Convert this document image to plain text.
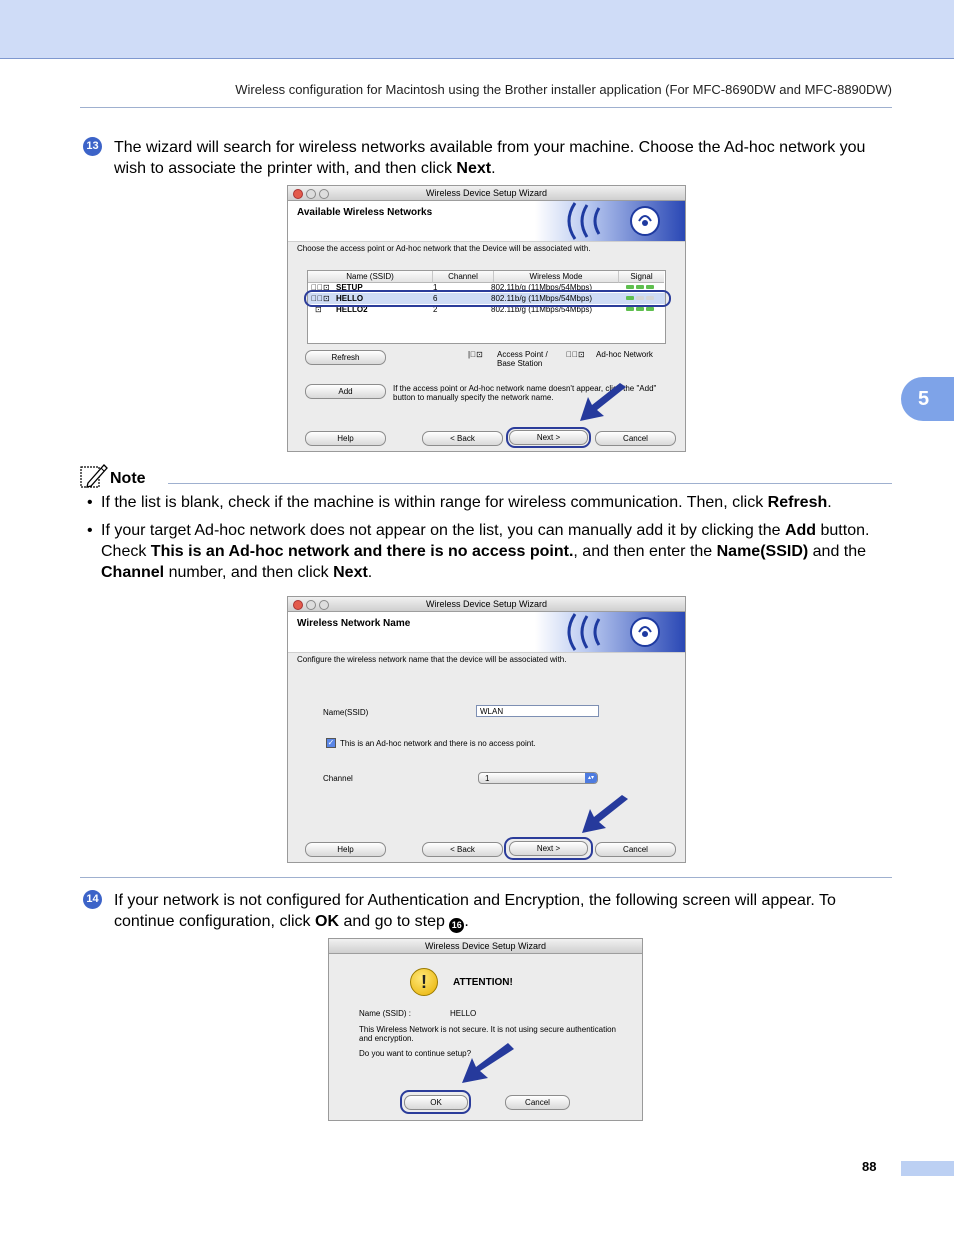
Wireless configuration for Macintosh using the Brother installer application (For MFC-8690DW and MFC-8890DW)
5
13 The wizard will search for wireless networks available from your machine. Choose the Ad-hoc network you wish to associate the printer with, and then click Next.
Wireless Device Setup Wizard
Available Wireless Networks
Choose the access point or Ad-hoc network that the Device will be associated with.
Name (SSID)	Channel	Wireless Mode	Signal
☐ﾟ⊡ SETUP	1	802.11b/g (11Mbps/54Mbps)
☐ﾟ⊡ HELLO	6	802.11b/g (11Mbps/54Mbps)
ﾟ⊡ HELLO2	2	802.11b/g (11Mbps/54Mbps)
Refresh	|ﾟ⊡ Access Point /
Base Station
☐ﾟ⊡ Ad-hoc Network
Add	If the access point or Ad-hoc network name doesn't appear, click the "Add" button to manually specify the network name.
Help	< Back	Next >	Cancel
Note
• If the list is blank, check if the machine is within range for wireless communication. Then, click Refresh.
• If your target Ad-hoc network does not appear on the list, you can manually add it by clicking the Add button. Check This is an Ad-hoc network and there is no access point., and then enter the Name(SSID) and the Channel number, and then click Next.
Wireless Device Setup Wizard
Wireless Network Name
Configure the wireless network name that the device will be associated with.
Name(SSID)	WLAN
✓ This is an Ad-hoc network and there is no access point.
Channel	1	▴▾
Help	< Back	Next >	Cancel
14 If your network is not configured for Authentication and Encryption, the following screen will appear. To continue configuration, click OK and go to step 16 .
Wireless Device Setup Wizard
!	ATTENTION!
Name (SSID) :	HELLO
This Wireless Network is not secure. It is not using secure authentication and encryption.
Do you want to continue setup?
OK	Cancel
88
